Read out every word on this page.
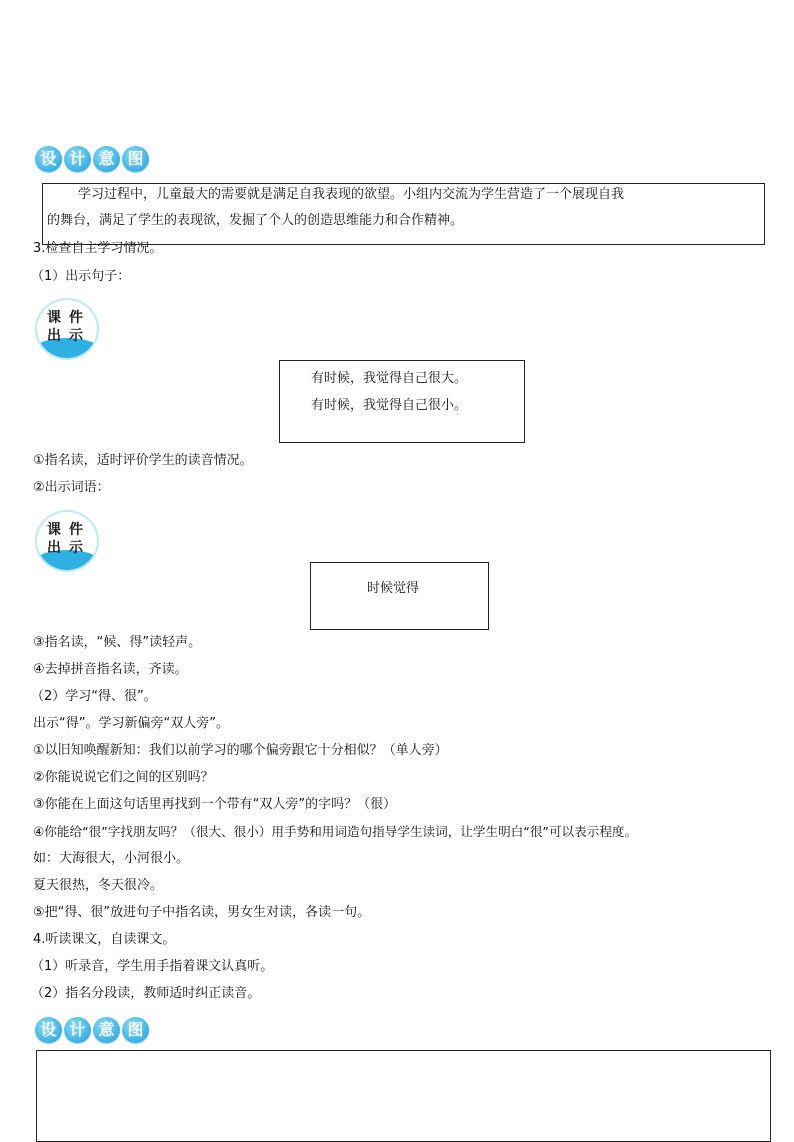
设 计 意 图
学习过程中，儿童最大的需要就是满足自我表现的欲望。小组内交流为学生营造了一个展现自我
的舞台，满足了学生的表现欲，发掘了个人的创造思维能力和合作精神。
3.检查自主学习情况。
（1）出示句子：
课 件
出 示
有时候，我觉得自己很大。
有时候，我觉得自己很小。
①指名读，适时评价学生的读音情况。
②出示词语：
课 件
出 示
时候觉得
③指名读，“候、得”读轻声。
④去掉拼音指名读，齐读。
（2）学习“得、很”。
出示“得”。学习新偏旁“双人旁”。
①以旧知唤醒新知：我们以前学习的哪个偏旁跟它十分相似？（单人旁）
②你能说说它们之间的区别吗？
③你能在上面这句话里再找到一个带有“双人旁”的字吗？（很）
④你能给“很”字找朋友吗？（很大、很小）用手势和用词造句指导学生读词，让学生明白“很”可以表示程度。
如：大海很大，小河很小。
夏天很热，冬天很冷。
⑤把“得、很”放进句子中指名读，男女生对读，各读一句。
4.听读课文，自读课文。
（1）听录音，学生用手指着课文认真听。
（2）指名分段读，教师适时纠正读音。
设 计 意 图
